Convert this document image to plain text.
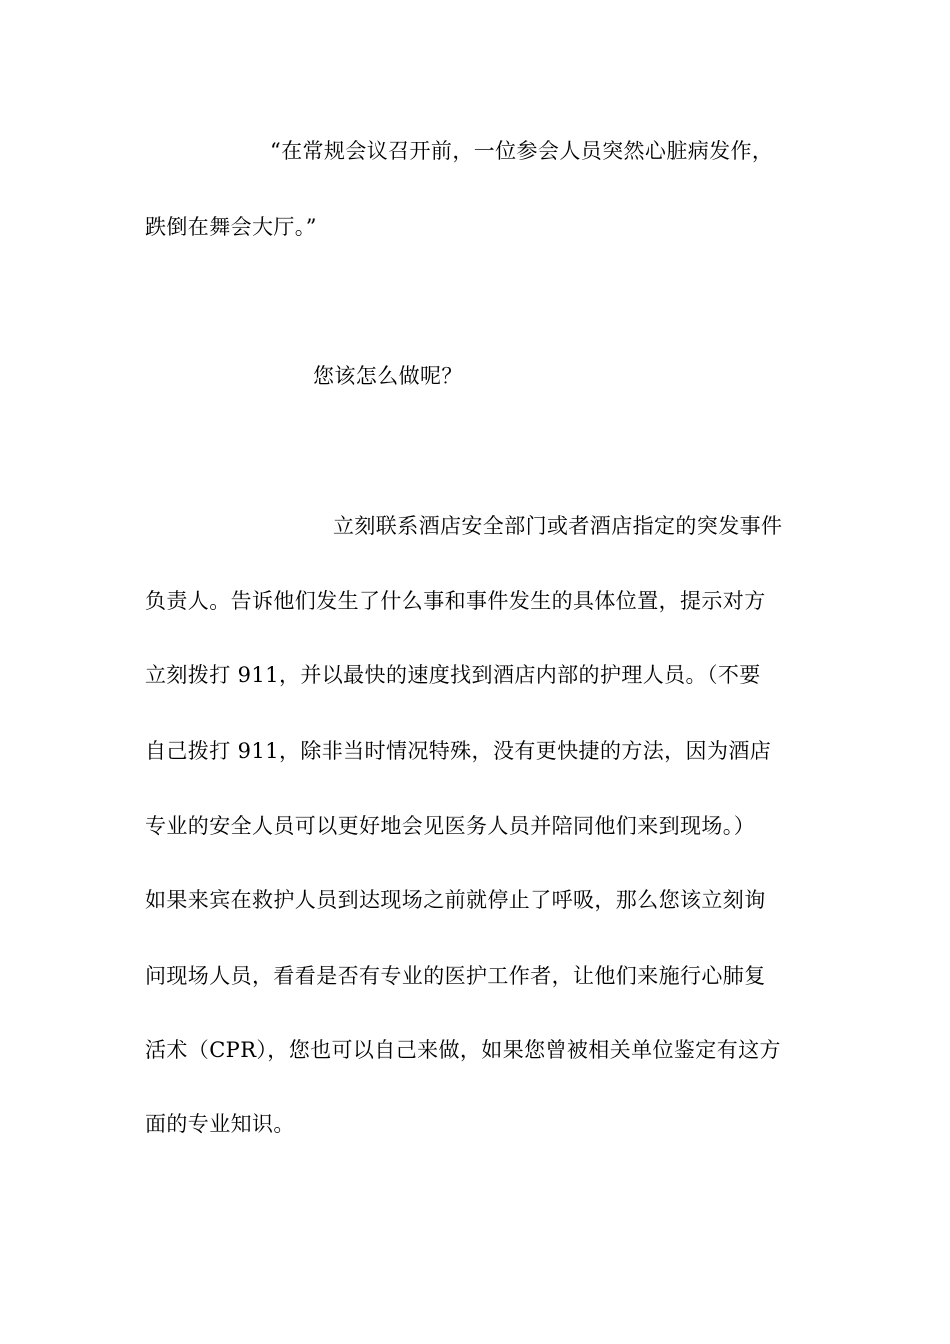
“在常规会议召开前，一位参会人员突然心脏病发作，
跌倒在舞会大厅。”
您该怎么做呢？
立刻联系酒店安全部门或者酒店指定的突发事件
负责人。告诉他们发生了什么事和事件发生的具体位置，提示对方
立刻拨打 911，并以最快的速度找到酒店内部的护理人员。（不要
自己拨打 911，除非当时情况特殊，没有更快捷的方法，因为酒店
专业的安全人员可以更好地会见医务人员并陪同他们来到现场。）
如果来宾在救护人员到达现场之前就停止了呼吸，那么您该立刻询
问现场人员，看看是否有专业的医护工作者，让他们来施行心肺复
活术（CPR），您也可以自己来做，如果您曾被相关单位鉴定有这方
面的专业知识。
